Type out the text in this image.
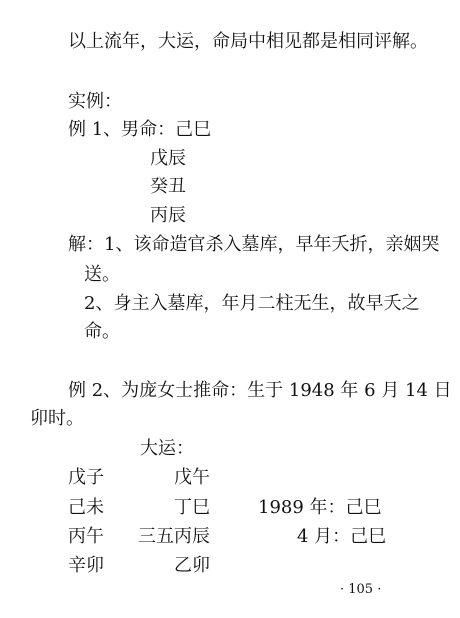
以上流年，大运，命局中相见都是相同评解。
实例：
例 1、男命：己巳
戊辰
癸丑
丙辰
解：1、该命造官杀入墓库，早年夭折，亲姻哭
送。
2、身主入墓库，年月二柱无生，故早夭之
命。
例 2、为庞女士推命：生于 1948 年 6 月 14 日
卯时。
大运：
戊子	戊午
己未	丁巳	1989 年：己巳
丙午 三五丙辰	4 月：己巳
辛卯	乙卯
· 105 ·
